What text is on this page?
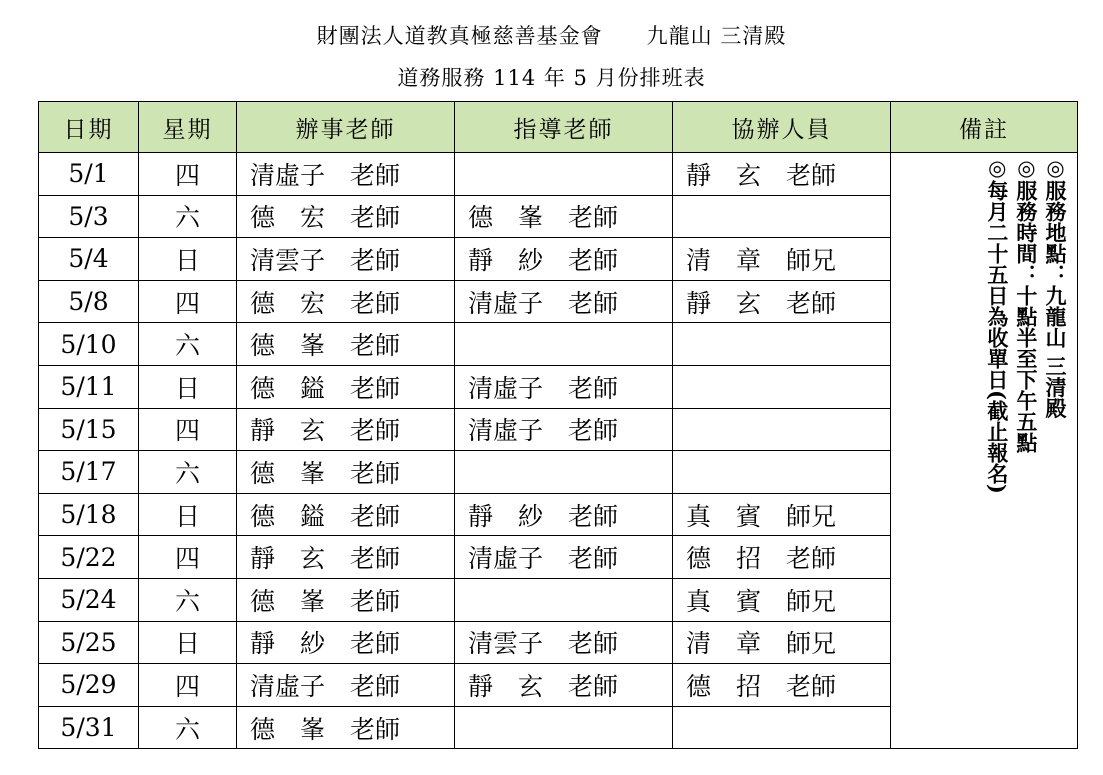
財團法人道教真極慈善基金會　　九龍山 三清殿
道務服務 114 年 5 月份排班表
日期	星期	辦事老師	指導老師	協辦人員	備註
5/1	四	清虛子　老師		靜　玄　老師	◎服務地點：九龍山 三清殿
◎服務時間：十點半至下午五點
◎每月二十五日為收單日(截止報名)

5/3	六	德　宏　老師	德　峯　老師		
5/4	日	清雲子　老師	靜　紗　老師	清　章　師兄	
5/8	四	德　宏　老師	清虛子　老師	靜　玄　老師	
5/10	六	德　峯　老師			
5/11	日	德　鎰　老師	清虛子　老師		
5/15	四	靜　玄　老師	清虛子　老師		
5/17	六	德　峯　老師			
5/18	日	德　鎰　老師	靜　紗　老師	真　賓　師兄	
5/22	四	靜　玄　老師	清虛子　老師	德　招　老師	
5/24	六	德　峯　老師		真　賓　師兄	
5/25	日	靜　紗　老師	清雲子　老師	清　章　師兄	
5/29	四	清虛子　老師	靜　玄　老師	德　招　老師	
5/31	六	德　峯　老師			
